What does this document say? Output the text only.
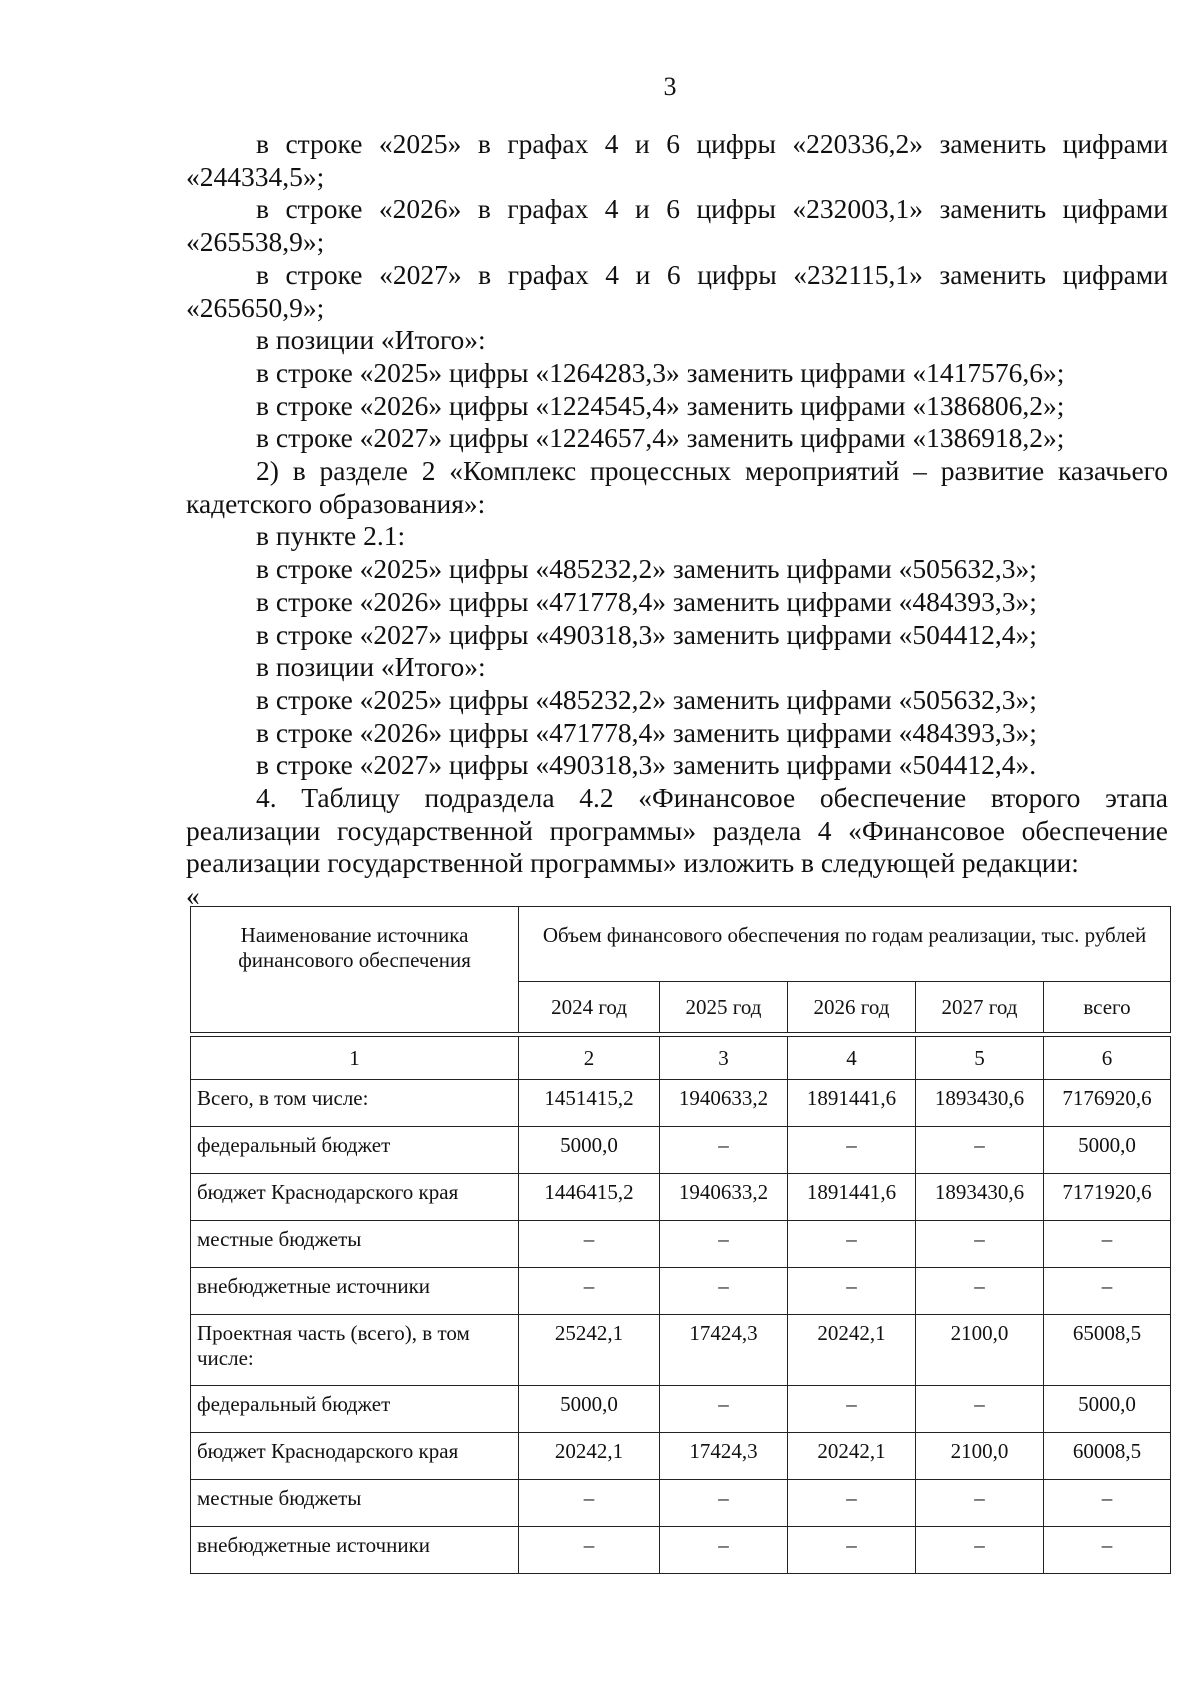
3

в строке «2025» в графах 4 и 6 цифры «220336,2» заменить цифрами

«244334,5»;

в строке «2026» в графах 4 и 6 цифры «232003,1» заменить цифрами

«265538,9»;

в строке «2027» в графах 4 и 6 цифры «232115,1» заменить цифрами

«265650,9»;

в позиции «Итого»:

в строке «2025» цифры «1264283,3» заменить цифрами «1417576,6»;

в строке «2026» цифры «1224545,4» заменить цифрами «1386806,2»;

в строке «2027» цифры «1224657,4» заменить цифрами «1386918,2»;

2) в разделе 2 «Комплекс процессных мероприятий – развитие казачьего

кадетского образования»:

в пункте 2.1:

в строке «2025» цифры «485232,2» заменить цифрами «505632,3»;

в строке «2026» цифры «471778,4» заменить цифрами «484393,3»;

в строке «2027» цифры «490318,3» заменить цифрами «504412,4»;

в позиции «Итого»:

в строке «2025» цифры «485232,2» заменить цифрами «505632,3»;

в строке «2026» цифры «471778,4» заменить цифрами «484393,3»;

в строке «2027» цифры «490318,3» заменить цифрами «504412,4».

4. Таблицу подраздела 4.2 «Финансовое обеспечение второго этапа

реализации государственной программы» раздела 4 «Финансовое обеспечение

реализации государственной программы» изложить в следующей редакции:

«

Наименование источника финансового обеспечения	Объем финансового обеспечения по годам реализации, тыс. рублей				
	2024 год	2025 год	2026 год	2027 год	всего

1	2	3	4	5	6
Всего, в том числе:	1451415,2	1940633,2	1891441,6	1893430,6	7176920,6
федеральный бюджет	5000,0	–	–	–	5000,0
бюджет Краснодарского края	1446415,2	1940633,2	1891441,6	1893430,6	7171920,6
местные бюджеты	–	–	–	–	–
внебюджетные источники	–	–	–	–	–
Проектная часть (всего), в том числе:	25242,1	17424,3	20242,1	2100,0	65008,5
федеральный бюджет	5000,0	–	–	–	5000,0
бюджет Краснодарского края	20242,1	17424,3	20242,1	2100,0	60008,5
местные бюджеты	–	–	–	–	–
внебюджетные источники	–	–	–	–	–
